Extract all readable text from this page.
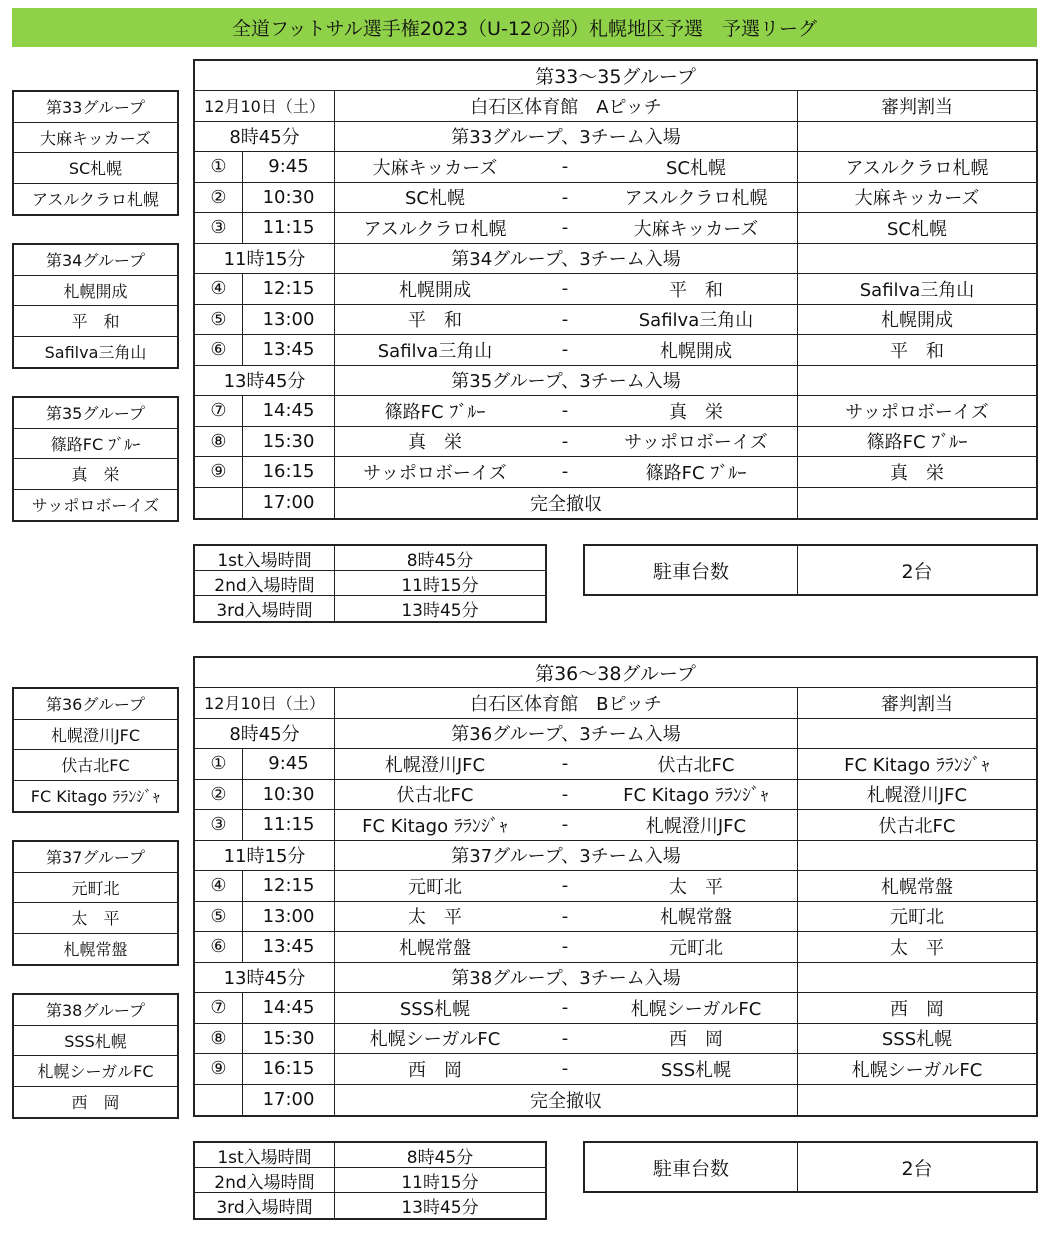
全道フットサル選手権2023（U-12の部）札幌地区予選　予選リーグ
第33グループ
大麻キッカーズ
SC札幌
アスルクラロ札幌
第34グループ
札幌開成
平　和
Safilva三角山
第35グループ
篠路FC ﾌﾞﾙｰ
真　栄
サッポロボーイズ
第33～35グループ
12月10日（土）	白石区体育館　Aピッチ	審判割当
8時45分	第33グループ、3チーム入場
①	9:45	大麻キッカーズ	-	SC札幌	アスルクラロ札幌
②	10:30	SC札幌	-	アスルクラロ札幌	大麻キッカーズ
③	11:15	アスルクラロ札幌	-	大麻キッカーズ	SC札幌
11時15分	第34グループ、3チーム入場
④	12:15	札幌開成	-	平　和	Safilva三角山
⑤	13:00	平　和	-	Safilva三角山	札幌開成
⑥	13:45	Safilva三角山	-	札幌開成	平　和
13時45分	第35グループ、3チーム入場
⑦	14:45	篠路FC ﾌﾞﾙｰ	-	真　栄	サッポロボーイズ
⑧	15:30	真　栄	-	サッポロボーイズ	篠路FC ﾌﾞﾙｰ
⑨	16:15	サッポロボーイズ	-	篠路FC ﾌﾞﾙｰ	真　栄
17:00	完全撤収
1st入場時間	8時45分
2nd入場時間	11時15分
3rd入場時間	13時45分
駐車台数	2台
第36グループ
札幌澄川JFC
伏古北FC
FC Kitago ﾗﾗﾝｼﾞｬ
第37グループ
元町北
太　平
札幌常盤
第38グループ
SSS札幌
札幌シーガルFC
西　岡
第36～38グループ
12月10日（土）	白石区体育館　Bピッチ	審判割当
8時45分	第36グループ、3チーム入場
①	9:45	札幌澄川JFC	-	伏古北FC	FC Kitago ﾗﾗﾝｼﾞｬ
②	10:30	伏古北FC	-	FC Kitago ﾗﾗﾝｼﾞｬ	札幌澄川JFC
③	11:15	FC Kitago ﾗﾗﾝｼﾞｬ	-	札幌澄川JFC	伏古北FC
11時15分	第37グループ、3チーム入場
④	12:15	元町北	-	太　平	札幌常盤
⑤	13:00	太　平	-	札幌常盤	元町北
⑥	13:45	札幌常盤	-	元町北	太　平
13時45分	第38グループ、3チーム入場
⑦	14:45	SSS札幌	-	札幌シーガルFC	西　岡
⑧	15:30	札幌シーガルFC	-	西　岡	SSS札幌
⑨	16:15	西　岡	-	SSS札幌	札幌シーガルFC
17:00	完全撤収
1st入場時間	8時45分
2nd入場時間	11時15分
3rd入場時間	13時45分
駐車台数	2台
